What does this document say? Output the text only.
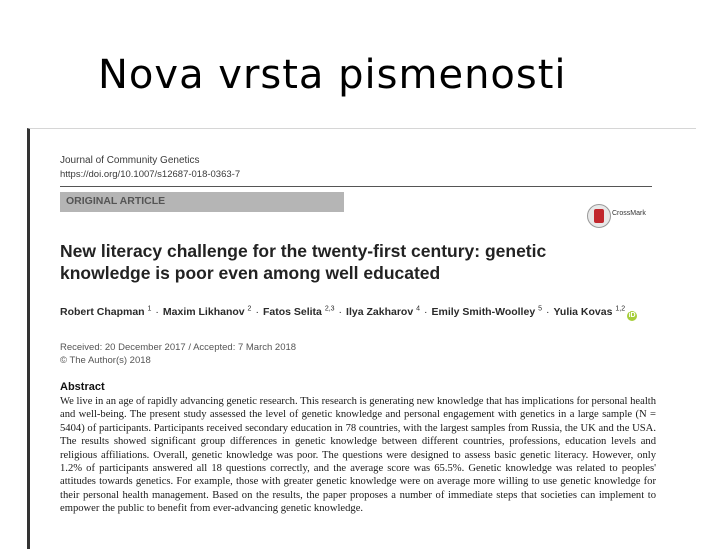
Nova vrsta pismenosti
Journal of Community Genetics
https://doi.org/10.1007/s12687-018-0363-7
ORIGINAL ARTICLE
CrossMark
New literacy challenge for the twenty-first century: genetic knowledge is poor even among well educated
Robert Chapman $^1$ · Maxim Likhanov $^2$ · Fatos Selita $^{2,3}$ · Ilya Zakharov $^4$ · Emily Smith-Woolley $^5$ · Yulia Kovas $^{1,2}$iD
Received: 20 December 2017 / Accepted: 7 March 2018
© The Author(s) 2018
Abstract

We live in an age of rapidly advancing genetic research. This research is generating new knowledge that has implications for personal health and well-being. The present study assessed the level of genetic knowledge and personal engagement with genetics in a large sample (N = 5404) of participants. Participants received secondary education in 78 countries, with the largest samples from Russia, the UK and the USA. The results showed significant group differences in genetic knowledge between different countries, professions, education levels and religious affiliations. Overall, genetic knowledge was poor. The questions were designed to assess basic genetic literacy. However, only 1.2% of participants answered all 18 questions correctly, and the average score was 65.5%. Genetic knowledge was related to peoples' attitudes towards genetics. For example, those with greater genetic knowledge were on average more willing to use genetic knowledge for their personal health management. Based on the results, the paper proposes a number of immediate steps that societies can implement to empower the public to benefit from ever-advancing genetic knowledge.
